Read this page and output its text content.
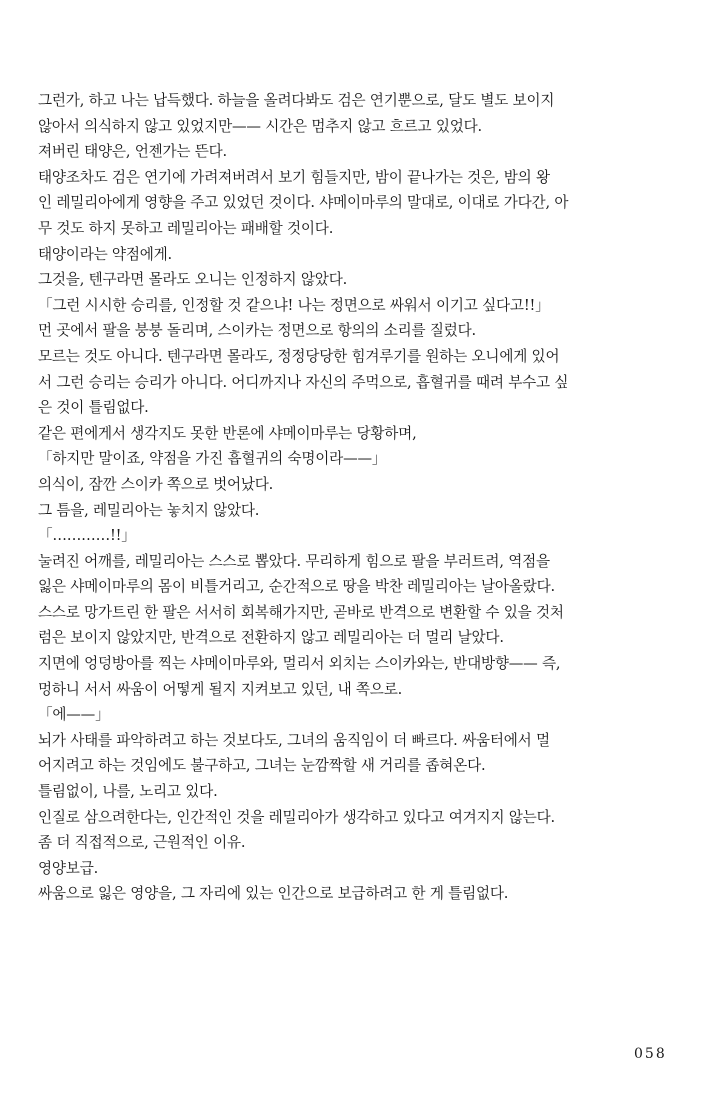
그런가, 하고 나는 납득했다. 하늘을 올려다봐도 검은 연기뿐으로, 달도 별도 보이지
않아서 의식하지 않고 있었지만—— 시간은 멈추지 않고 흐르고 있었다.
져버린 태양은, 언젠가는 뜬다.
태양조차도 검은 연기에 가려져버려서 보기 힘들지만, 밤이 끝나가는 것은, 밤의 왕
인 레밀리아에게 영향을 주고 있었던 것이다. 샤메이마루의 말대로, 이대로 가다간, 아
무 것도 하지 못하고 레밀리아는 패배할 것이다.
태양이라는 약점에게.
그것을, 텐구라면 몰라도 오니는 인정하지 않았다.
「그런 시시한 승리를, 인정할 것 같으냐! 나는 정면으로 싸워서 이기고 싶다고!!」
먼 곳에서 팔을 붕붕 돌리며, 스이카는 정면으로 항의의 소리를 질렀다.
모르는 것도 아니다. 텐구라면 몰라도, 정정당당한 힘겨루기를 원하는 오니에게 있어
서 그런 승리는 승리가 아니다. 어디까지나 자신의 주먹으로, 흡혈귀를 때려 부수고 싶
은 것이 틀림없다.
같은 편에게서 생각지도 못한 반론에 샤메이마루는 당황하며,
「하지만 말이죠, 약점을 가진 흡혈귀의 숙명이라——」
의식이, 잠깐 스이카 쪽으로 벗어났다.
그 틈을, 레밀리아는 놓치지 않았다.
「…………!!」
눌려진 어깨를, 레밀리아는 스스로 뽑았다. 무리하게 힘으로 팔을 부러트려, 역점을
잃은 샤메이마루의 몸이 비틀거리고, 순간적으로 땅을 박찬 레밀리아는 날아올랐다.
스스로 망가트린 한 팔은 서서히 회복해가지만, 곧바로 반격으로 변환할 수 있을 것처
럼은 보이지 않았지만, 반격으로 전환하지 않고 레밀리아는 더 멀리 날았다.
지면에 엉덩방아를 찍는 샤메이마루와, 멀리서 외치는 스이카와는, 반대방향—— 즉,
멍하니 서서 싸움이 어떻게 될지 지켜보고 있던, 내 쪽으로.
「에——」
뇌가 사태를 파악하려고 하는 것보다도, 그녀의 움직임이 더 빠르다. 싸움터에서 멀
어지려고 하는 것임에도 불구하고, 그녀는 눈깜짝할 새 거리를 좁혀온다.
틀림없이, 나를, 노리고 있다.
인질로 삼으려한다는, 인간적인 것을 레밀리아가 생각하고 있다고 여겨지지 않는다.
좀 더 직접적으로, 근원적인 이유.
영양보급.
싸움으로 잃은 영양을, 그 자리에 있는 인간으로 보급하려고 한 게 틀림없다.
058
